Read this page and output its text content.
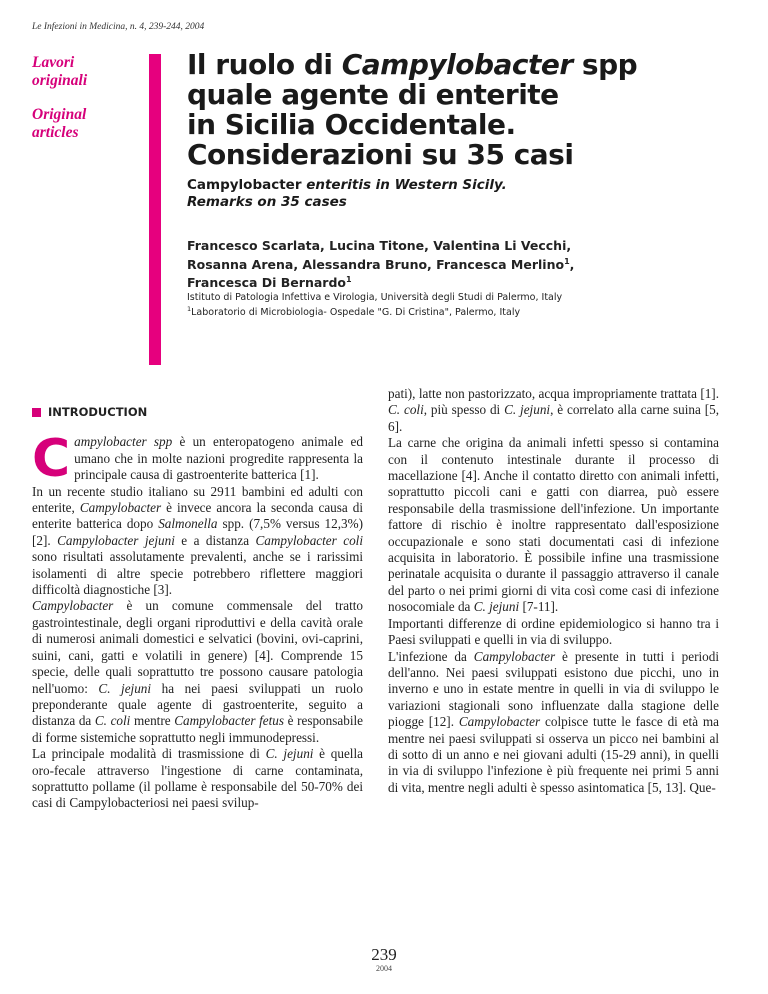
Le Infezioni in Medicina, n. 4, 239-244, 2004
Lavori
originali
Original
articles
Il ruolo di Campylobacter spp
quale agente di enterite
in Sicilia Occidentale.
Considerazioni su 35 casi
Campylobacter enteritis in Western Sicily.
Remarks on 35 cases
Francesco Scarlata, Lucina Titone, Valentina Li Vecchi,
Rosanna Arena, Alessandra Bruno, Francesca Merlino$^1$,
Francesca Di Bernardo$^1$
Istituto di Patologia Infettiva e Virologia, Università degli Studi di Palermo, Italy
$^1$Laboratorio di Microbiologia- Ospedale "G. Di Cristina", Palermo, Italy
INTRODUCTION

Campylobacter spp è un enteropatogeno animale ed umano che in molte nazioni progredite rappresenta la principale causa di gastroenterite batterica [1].

In un recente studio italiano su 2911 bambini ed adulti con enterite, Campylobacter è invece ancora la seconda causa di enterite batterica dopo Salmonella spp. (7,5% versus 12,3%) [2]. Campylobacter jejuni e a distanza Campylobacter coli sono risultati assolutamente prevalenti, anche se i rarissimi isolamenti di altre specie potrebbero riflettere maggiori difficoltà diagnostiche [3].

Campylobacter è un comune commensale del tratto gastrointestinale, degli organi riproduttivi e della cavità orale di numerosi animali domestici e selvatici (bovini, ovi-caprini, suini, cani, gatti e volatili in genere) [4]. Comprende 15 specie, delle quali soprattutto tre possono causare patologia nell'uomo: C. jejuni ha nei paesi sviluppati un ruolo preponderante quale agente di gastroenterite, seguito a distanza da C. coli mentre Campylobacter fetus è responsabile di forme sistemiche soprattutto negli immunodepressi.

La principale modalità di trasmissione di C. jejuni è quella oro-fecale attraverso l'ingestione di carne contaminata, soprattutto pollame (il pollame è responsabile del 50-70% dei casi di Campylobacteriosi nei paesi svilup-

pati), latte non pastorizzato, acqua impropriamente trattata [1]. C. coli, più spesso di C. jejuni, è correlato alla carne suina [5, 6].

La carne che origina da animali infetti spesso si contamina con il contenuto intestinale durante il processo di macellazione [4]. Anche il contatto diretto con animali infetti, soprattutto piccoli cani e gatti con diarrea, può essere responsabile della trasmissione dell'infezione. Un importante fattore di rischio è inoltre rappresentato dall'esposizione occupazionale e sono stati documentati casi di infezione acquisita in laboratorio. È possibile infine una trasmissione perinatale acquisita o durante il passaggio attraverso il canale del parto o nei primi giorni di vita così come casi di infezione nosocomiale da C. jejuni [7-11].

Importanti differenze di ordine epidemiologico si hanno tra i Paesi sviluppati e quelli in via di sviluppo.

L'infezione da Campylobacter è presente in tutti i periodi dell'anno. Nei paesi sviluppati esistono due picchi, uno in inverno e uno in estate mentre in quelli in via di sviluppo le variazioni stagionali sono influenzate dalla stagione delle piogge [12]. Campylobacter colpisce tutte le fasce di età ma mentre nei paesi sviluppati si osserva un picco nei bambini al di sotto di un anno e nei giovani adulti (15-29 anni), in quelli in via di sviluppo l'infezione è più frequente nei primi 5 anni di vita, mentre negli adulti è spesso asintomatica [5, 13]. Que-

239
2004
